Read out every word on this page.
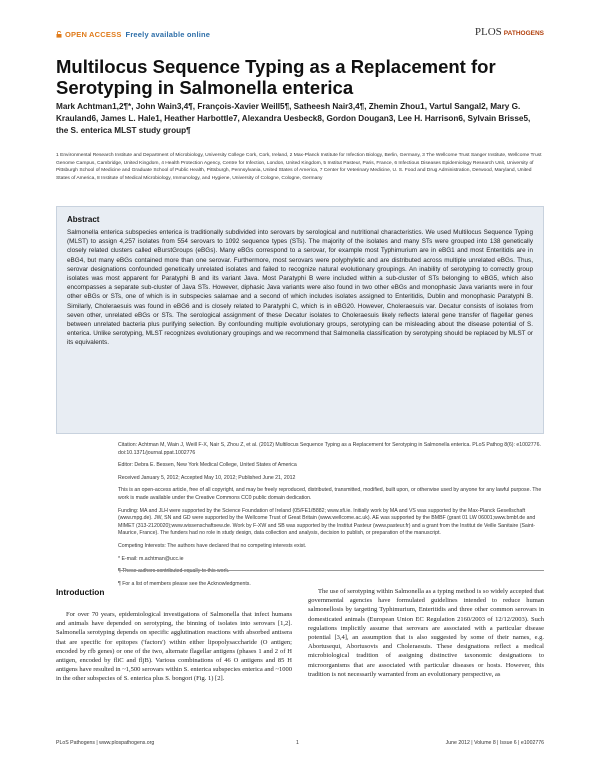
OPEN ACCESS Freely available online	PLOS PATHOGENS
Multilocus Sequence Typing as a Replacement for Serotyping in Salmonella enterica
Mark Achtman1,2¶*, John Wain3,4¶, François-Xavier Weill5¶, Satheesh Nair3,4¶, Zhemin Zhou1, Vartul Sangal2, Mary G. Krauland6, James L. Hale1, Heather Harbottle7, Alexandra Uesbeck8, Gordon Dougan3, Lee H. Harrison6, Sylvain Brisse5, the S. enterica MLST study group¶
1 Environmental Research Institute and Department of Microbiology, University College Cork, Cork, Ireland, 2 Max-Planck Institute for Infection Biology, Berlin, Germany, 3 The Wellcome Trust Sanger Institute, Wellcome Trust Genome Campus, Cambridge, United Kingdom, 4 Health Protection Agency, Centre for Infection, London, United Kingdom, 5 Institut Pasteur, Paris, France, 6 Infectious Diseases Epidemiology Research Unit, University of Pittsburgh School of Medicine and Graduate School of Public Health, Pittsburgh, Pennsylvania, United States of America, 7 Center for Veterinary Medicine, U. S. Food and Drug Administration, Derwood, Maryland, United States of America, 8 Institute of Medical Microbiology, Immunology, and Hygiene, University of Cologne, Cologne, Germany
Abstract

Salmonella enterica subspecies enterica is traditionally subdivided into serovars by serological and nutritional characteristics. We used Multilocus Sequence Typing (MLST) to assign 4,257 isolates from 554 serovars to 1092 sequence types (STs). The majority of the isolates and many STs were grouped into 138 genetically closely related clusters called eBurstGroups (eBGs). Many eBGs correspond to a serovar, for example most Typhimurium are in eBG1 and most Enteritidis are in eBG4, but many eBGs contained more than one serovar. Furthermore, most serovars were polyphyletic and are distributed across multiple unrelated eBGs. Thus, serovar designations confounded genetically unrelated isolates and failed to recognize natural evolutionary groupings. An inability of serotyping to correctly group isolates was most apparent for Paratyphi B and its variant Java. Most Paratyphi B were included within a sub-cluster of STs belonging to eBG5, which also encompasses a separate sub-cluster of Java STs. However, diphasic Java variants were also found in two other eBGs and monophasic Java variants were in four other eBGs or STs, one of which is in subspecies salamae and a second of which includes isolates assigned to Enteritidis, Dublin and monophasic Paratyphi B. Similarly, Choleraesuis was found in eBG6 and is closely related to Paratyphi C, which is in eBG20. However, Choleraesuis var. Decatur consists of isolates from seven other, unrelated eBGs or STs. The serological assignment of these Decatur isolates to Choleraesuis likely reflects lateral gene transfer of flagellar genes between unrelated bacteria plus purifying selection. By confounding multiple evolutionary groups, serotyping can be misleading about the disease potential of S. enterica. Unlike serotyping, MLST recognizes evolutionary groupings and we recommend that Salmonella classification by serotyping should be replaced by MLST or its equivalents.

Citation: Achtman M, Wain J, Weill F-X, Nair S, Zhou Z, et al. (2012) Multilocus Sequence Typing as a Replacement for Serotyping in Salmonella enterica. PLoS Pathog 8(6): e1002776. doi:10.1371/journal.ppat.1002776
Editor: Debra E. Bessen, New York Medical College, United States of America
Received January 5, 2012; Accepted May 10, 2012; Published June 21, 2012
This is an open-access article, free of all copyright, and may be freely reproduced, distributed, transmitted, modified, built upon, or otherwise used by anyone for any lawful purpose. The work is made available under the Creative Commons CC0 public domain dedication.
Funding: MA and JLH were supported by the Science Foundation of Ireland (05/FE1/B882; www.sfi.ie. Initially work by MA and VS was supported by the Max-Planck Gesellschaft (www.mpg.de). JW, SN and GD were supported by the Wellcome Trust of Great Britain (www.wellcome.ac.uk). AE was supported by the BMBF (grant 01 LW 06001;www.bmbf.de and MIMET (313-2120020);www.wissenschaftsew.de. Work by F-XW and SB was supported by the Institut Pasteur (www.pasteur.fr) and a grant from the Institut de Veille Sanitaire (Saint-Maurice, France). The funders had no role in study design, data collection and analysis, decision to publish, or preparation of the manuscript.
Competing Interests: The authors have declared that no competing interests exist.
* E-mail: m.achtman@ucc.ie
¶ These authors contributed equally to this work.
¶ For a list of members please see the Acknowledgments.
Introduction
For over 70 years, epidemiological investigations of Salmonella that infect humans and animals have depended on serotyping, the binning of isolates into serovars [1,2]. Salmonella serotyping depends on specific agglutination reactions with absorbed antisera that are specific for epitopes ('factors') within either lipopolysaccharide (O antigen; encoded by rfb genes) or one of the two, alternate flagellar antigens (phases 1 and 2 of H antigen, encoded by fliC and fljB). Various combinations of 46 O antigens and 85 H antigens have resulted in ~1,500 serovars within S. enterica subspecies enterica and ~1000 in the other subspecies of S. enterica plus S. bongori (Fig. 1) [2].
The use of serotyping within Salmonella as a typing method is so widely accepted that governmental agencies have formulated guidelines intended to reduce human salmonellosis by targeting Typhimurium, Enteritidis and three other common serovars in domesticated animals (European Union EC Regulation 2160/2003 of 12/12/2003). Such regulations implicitly assume that serovars are associated with a particular disease potential [3,4], an assumption that is also suggested by some of their names, e.g. Abortusequi, Abortusovis and Choleraesuis. These designations reflect a medical microbiological tradition of assigning distinctive taxonomic designations to microorganisms that are associated with particular diseases or hosts. However, this tradition is not necessarily warranted from an evolutionary perspective, as
PLoS Pathogens | www.plospathogens.org	1	June 2012 | Volume 8 | Issue 6 | e1002776
